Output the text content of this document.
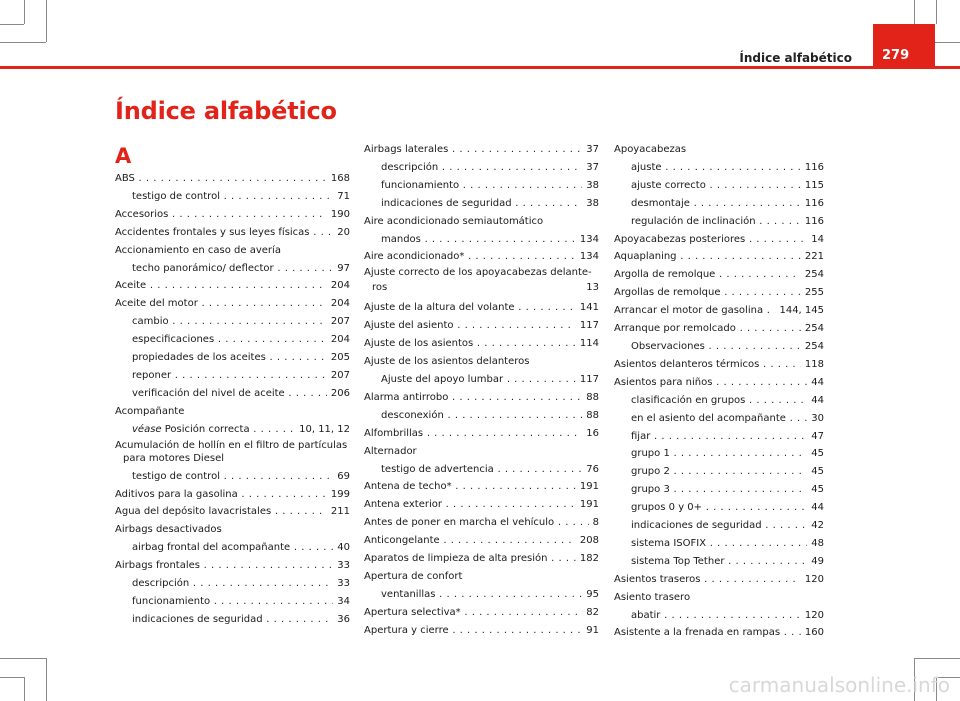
Índice alfabético	279
Índice alfabético
A
ABS . . .	168
testigo de control . . .	71
Accesorios . . .	190
Accidentes frontales y sus leyes físicas . . .	20
Accionamiento en caso de avería
techo panorámico/ deflector . . .	97
Aceite . . .	204
Aceite del motor . . .	204
cambio . . .	207
especificaciones . . .	204
propiedades de los aceites . . .	205
reponer . . .	207
verificación del nivel de aceite . . .	206
Acompañante
véase Posición correcta . . .	10, 11, 12
Acumulación de hollín en el filtro de partículas
para motores Diesel
testigo de control . . .	69
Aditivos para la gasolina . . .	199
Agua del depósito lavacristales . . .	211
Airbags desactivados
airbag frontal del acompañante . . .	40
Airbags frontales . . .	33
descripción . . .	33
funcionamiento . . .	34
indicaciones de seguridad . . .	36
Airbags laterales . . .	37
descripción . . .	37
funcionamiento . . .	38
indicaciones de seguridad . . .	38
Aire acondicionado semiautomático
mandos . . .	134
Aire acondicionado* . . .	134
Ajuste correcto de los apoyacabezas delante-
ros	13
Ajuste de la altura del volante . . .	141
Ajuste del asiento . . .	117
Ajuste de los asientos . . .	114
Ajuste de los asientos delanteros
Ajuste del apoyo lumbar . . .	117
Alarma antirrobo . . .	88
desconexión . . .	88
Alfombrillas . . .	16
Alternador
testigo de advertencia . . .	76
Antena de techo* . . .	191
Antena exterior . . .	191
Antes de poner en marcha el vehículo . . .	8
Anticongelante . . .	208
Aparatos de limpieza de alta presión . . .	182
Apertura de confort
ventanillas . . .	95
Apertura selectiva* . . .	82
Apertura y cierre . . .	91
Apoyacabezas
ajuste . . .	116
ajuste correcto . . .	115
desmontaje . . .	116
regulación de inclinación . . .	116
Apoyacabezas posteriores . . .	14
Aquaplaning . . .	221
Argolla de remolque . . .	254
Argollas de remolque . . .	255
Arrancar el motor de gasolina . . .	144, 145
Arranque por remolcado . . .	254
Observaciones . . .	254
Asientos delanteros térmicos . . .	118
Asientos para niños . . .	44
clasificación en grupos . . .	44
en el asiento del acompañante . . .	30
fijar . . .	47
grupo 1 . . .	45
grupo 2 . . .	45
grupo 3 . . .	45
grupos 0 y 0+ . . .	44
indicaciones de seguridad . . .	42
sistema ISOFIX . . .	48
sistema Top Tether . . .	49
Asientos traseros . . .	120
Asiento trasero
abatir . . .	120
Asistente a la frenada en rampas . . .	160
carmanualsonline.info
